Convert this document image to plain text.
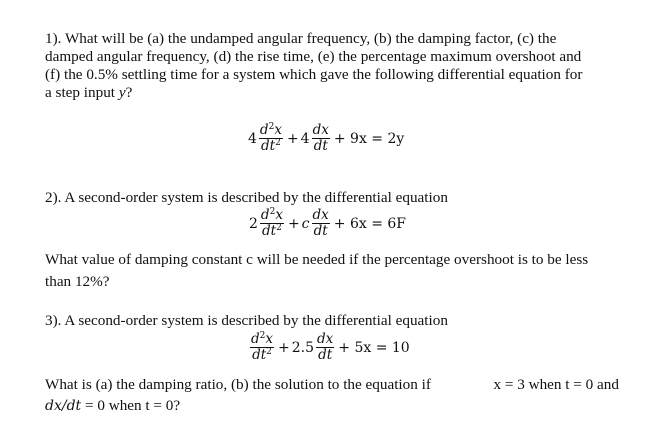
1). What will be (a) the undamped angular frequency, (b) the damping factor, (c) the
damped angular frequency, (d) the rise time, (e) the percentage maximum overshoot and
(f) the 0.5% settling time for a system which gave the following differential equation for
a step input y?
$4 \frac{d^2x}{dt^2} + 4 \frac{dx}{dt} + 9x = 2y$
2). A second-order system is described by the differential equation
$2 \frac{d^2x}{dt^2} + c \frac{dx}{dt} + 6x = 6F$
What value of damping constant c will be needed if the percentage overshoot is to be less
than 12%?
3). A second-order system is described by the differential equation
$\frac{d^2x}{dt^2} + 2.5 \frac{dx}{dt} + 5x = 10$
What is (a) the damping ratio, (b) the solution to the equation if	x = 3 when t = 0 and
dx/dt = 0 when t = 0?
